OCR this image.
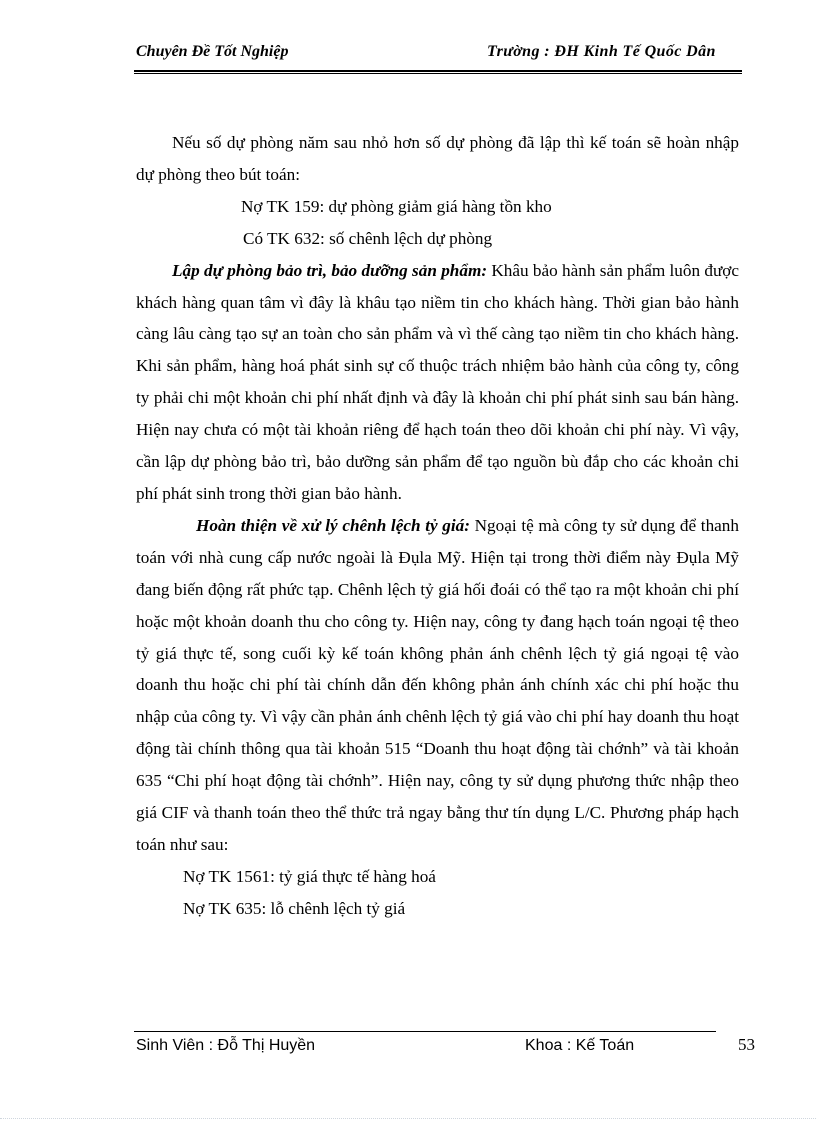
Chuyên Đề Tốt Nghiệp	Trường : ĐH Kinh Tế Quốc Dân

Nếu số dự phòng năm sau nhỏ hơn số dự phòng đã lập thì kế toán sẽ hoàn nhập dự phòng theo bút toán:

Nợ TK 159: dự phòng giảm giá hàng tồn kho

Có TK 632: số chênh lệch dự phòng

Lập dự phòng bảo trì, bảo dưỡng sản phẩm: Khâu bảo hành sản phẩm luôn được khách hàng quan tâm vì đây là khâu tạo niềm tin cho khách hàng. Thời gian bảo hành càng lâu càng tạo sự an toàn cho sản phẩm và vì thế càng tạo niềm tin cho khách hàng. Khi sản phẩm, hàng hoá phát sinh sự cố thuộc trách nhiệm bảo hành của công ty, công ty phải chi một khoản chi phí nhất định và đây là khoản chi phí phát sinh sau bán hàng. Hiện nay chưa có một tài khoản riêng để hạch toán theo dõi khoản chi phí này. Vì vậy, cần lập dự phòng bảo trì, bảo dưỡng sản phẩm để tạo nguồn bù đắp cho các khoản chi phí phát sinh trong thời gian bảo hành.

Hoàn thiện về xử lý chênh lệch tỷ giá: Ngoại tệ mà công ty sử dụng để thanh toán với nhà cung cấp nước ngoài là Đụla Mỹ. Hiện tại trong thời điểm này Đụla Mỹ đang biến động rất phức tạp. Chênh lệch tỷ giá hối đoái có thể tạo ra một khoản chi phí hoặc một khoản doanh thu cho công ty. Hiện nay, công ty đang hạch toán ngoại tệ theo tỷ giá thực tế, song cuối kỳ kế toán không phản ánh chênh lệch tỷ giá ngoại tệ vào doanh thu hoặc chi phí tài chính dẫn đến không phản ánh chính xác chi phí hoặc thu nhập của công ty. Vì vậy cần phản ánh chênh lệch tỷ giá vào chi phí hay doanh thu hoạt động tài chính thông qua tài khoản 515 “Doanh thu hoạt động tài chớnh” và tài khoản 635 “Chi phí hoạt động tài chớnh”. Hiện nay, công ty sử dụng phương thức nhập theo giá CIF và thanh toán theo thể thức trả ngay bằng thư tín dụng L/C. Phương pháp hạch toán như sau:

Nợ TK 1561: tỷ giá thực tế hàng hoá

Nợ TK 635: lỗ chênh lệch tỷ giá

Sinh Viên : Đỗ Thị Huyền	Khoa : Kế Toán	53
